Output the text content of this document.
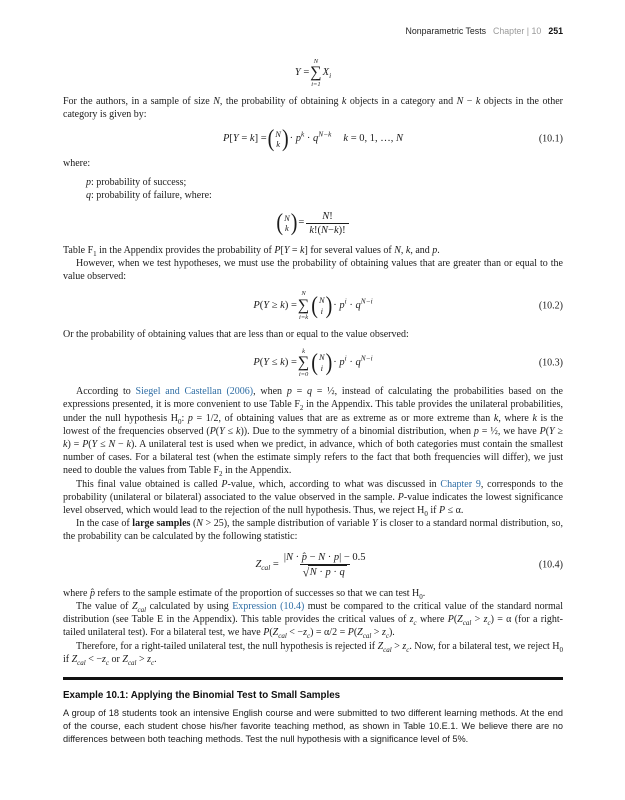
Nonparametric Tests Chapter | 10 251
Y =
N
∑
i=1
$X_i$

For the authors, in a sample of size N, the probability of obtaining k objects in a category and N − k objects in the other category is given by:

P[Y = k] = ( N
k ) · $p^k \cdot q^{N-k}$ k = 0, 1, …, N	(10.1)

where:

p: probability of success;

q: probability of failure, where:

( N
k ) = $\frac{N!}{k !( N - k )!}$

Table $F_1$ in the Appendix provides the probability of P[Y = k] for several values of N, k, and p.

However, when we test hypotheses, we must use the probability of obtaining values that are greater than or equal to the value observed:

P(Y ≥ k) =
N
∑
i=k ( N
i ) · $p^i \cdot q^{N-i}$	(10.2)

Or the probability of obtaining values that are less than or equal to the value observed:

P(Y ≤ k) =
k
∑
i=0 ( N
i ) · $p^i \cdot q^{N-i}$	(10.3)

According to Siegel and Castellan (2006), when p = q = ½, instead of calculating the probabilities based on the expressions presented, it is more convenient to use Table $F_2$ in the Appendix. This table provides the unilateral probabilities, under the null hypothesis $H_0$: p = 1/2, of obtaining values that are as extreme as or more extreme than k, where k is the lowest of the frequencies observed (P(Y ≤ k)). Due to the symmetry of a binomial distribution, when p = ½, we have P(Y ≥ k) = P(Y ≤ N − k). A unilateral test is used when we predict, in advance, which of both categories must contain the smallest number of cases. For a bilateral test (when the estimate simply refers to the fact that both frequencies will differ), we just need to double the values from Table $F_2$ in the Appendix.

This final value obtained is called P-value, which, according to what was discussed in Chapter 9, corresponds to the probability (unilateral or bilateral) associated to the value observed in the sample. P-value indicates the lowest significance level observed, which would lead to the rejection of the null hypothesis. Thus, we reject $H_0$ if P ≤ α.

In the case of large samples (N > 25), the sample distribution of variable Y is closer to a standard normal distribution, so, the probability can be calculated by the following statistic:

$Z_{cal} = \frac{|N \cdot p̂ - N \cdot p| - 0.5}{√ N \cdot p \cdot q}$	(10.4)

where p̂ refers to the sample estimate of the proportion of successes so that we can test $H_0$.

The value of $Z_{cal}$ calculated by using Expression (10.4) must be compared to the critical value of the standard normal distribution (see Table E in the Appendix). This table provides the critical values of $z_c$ where $P(Z_{cal} > z_c) = \alpha$ (for a right-tailed unilateral test). For a bilateral test, we have $P(Z_{cal} < -z_c) = \alpha/2 = P(Z_{cal} > z_c)$.

Therefore, for a right-tailed unilateral test, the null hypothesis is rejected if $Z_{cal} > z_c$. Now, for a bilateral test, we reject $H_0$ if $Z_{cal} < -z_c$ or $Z_{cal} > z_c$.

Example 10.1: Applying the Binomial Test to Small Samples

A group of 18 students took an intensive English course and were submitted to two different learning methods. At the end of the course, each student chose his/her favorite teaching method, as shown in Table 10.E.1. We believe there are no differences between both teaching methods. Test the null hypothesis with a significance level of 5%.
